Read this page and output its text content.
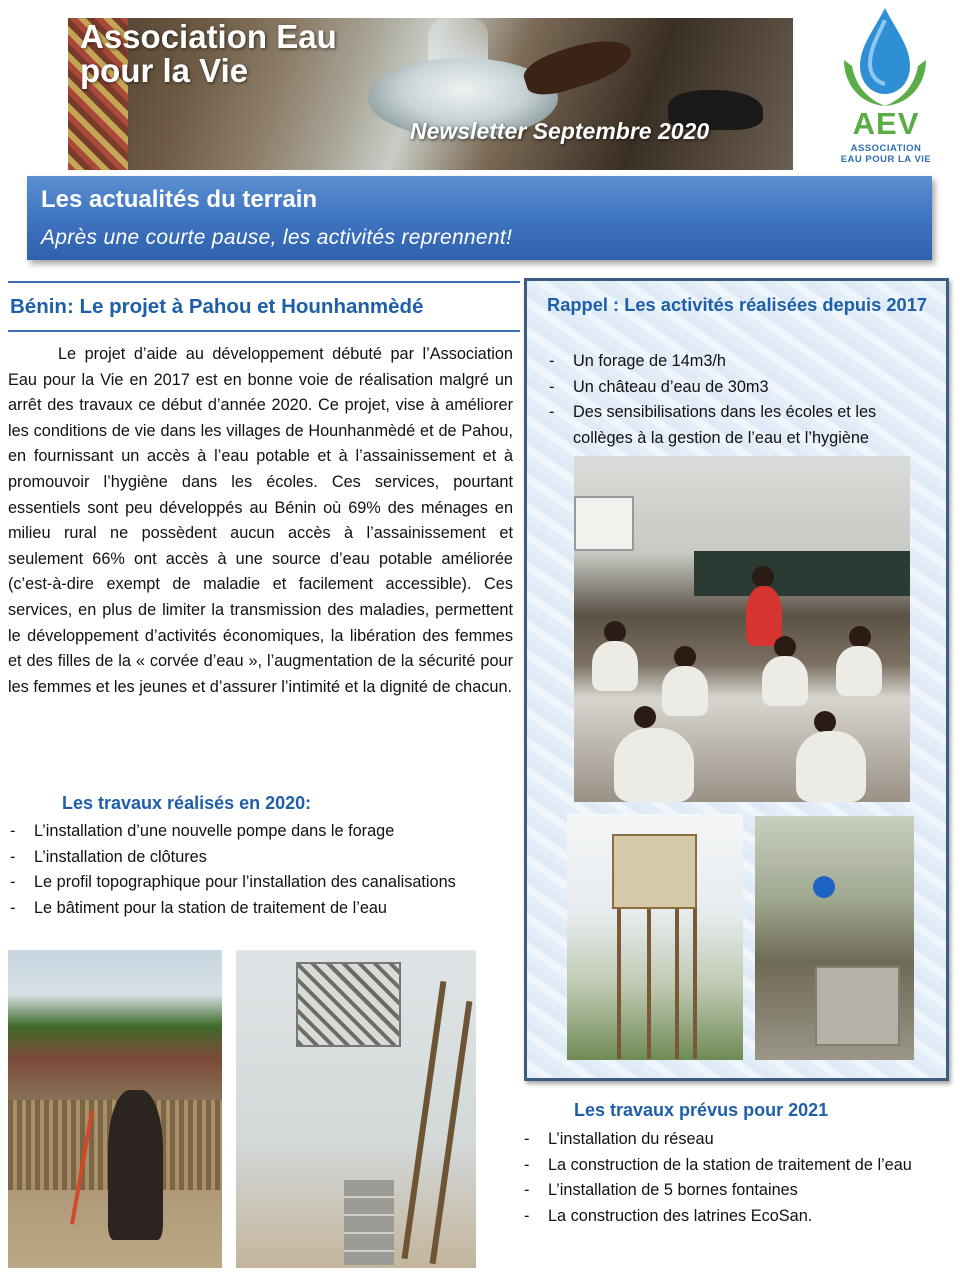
Association Eau pour la Vie
Newsletter Septembre 2020	AEV
ASSOCIATION
EAU POUR LA VIE
Les actualités du terrain
Après une courte pause, les activités reprennent!
Bénin: Le projet à Pahou et Hounhanmèdé

Le projet d’aide au développement débuté par l’Association Eau pour la Vie en 2017 est en bonne voie de réalisation malgré un arrêt des travaux ce début d’année 2020. Ce projet, vise à améliorer les conditions de vie dans les villages de Hounhanmèdé et de Pahou, en fournissant un accès à l’eau potable et à l’assainissement et à promouvoir l’hygiène dans les écoles. Ces services, pourtant essentiels sont peu développés au Bénin où 69% des ménages en milieu rural ne possèdent aucun accès à l’assainissement et seulement 66% ont accès à une source d’eau potable améliorée (c’est-à-dire exempt de maladie et facilement accessible). Ces services, en plus de limiter la transmission des maladies, permettent le développement d’activités économiques, la libération des femmes et des filles de la « corvée d’eau », l’augmentation de la sécurité pour les femmes et les jeunes et d’assurer l’intimité et la dignité de chacun.

Les travaux réalisés en 2020:
- L’installation d’une nouvelle pompe dans le forage
- L’installation de clôtures
- Le profil topographique pour l’installation des canalisations
- Le bâtiment pour la station de traitement de l’eau
Rappel : Les activités réalisées depuis 2017
- Un forage de 14m3/h
- Un château d’eau de 30m3
- Des sensibilisations dans les écoles et les collèges à la gestion de l’eau et l’hygiène
Les travaux prévus pour 2021
- L’installation du réseau
- La construction de la station de traitement de l’eau
- L’installation de 5 bornes fontaines
- La construction des latrines EcoSan.
